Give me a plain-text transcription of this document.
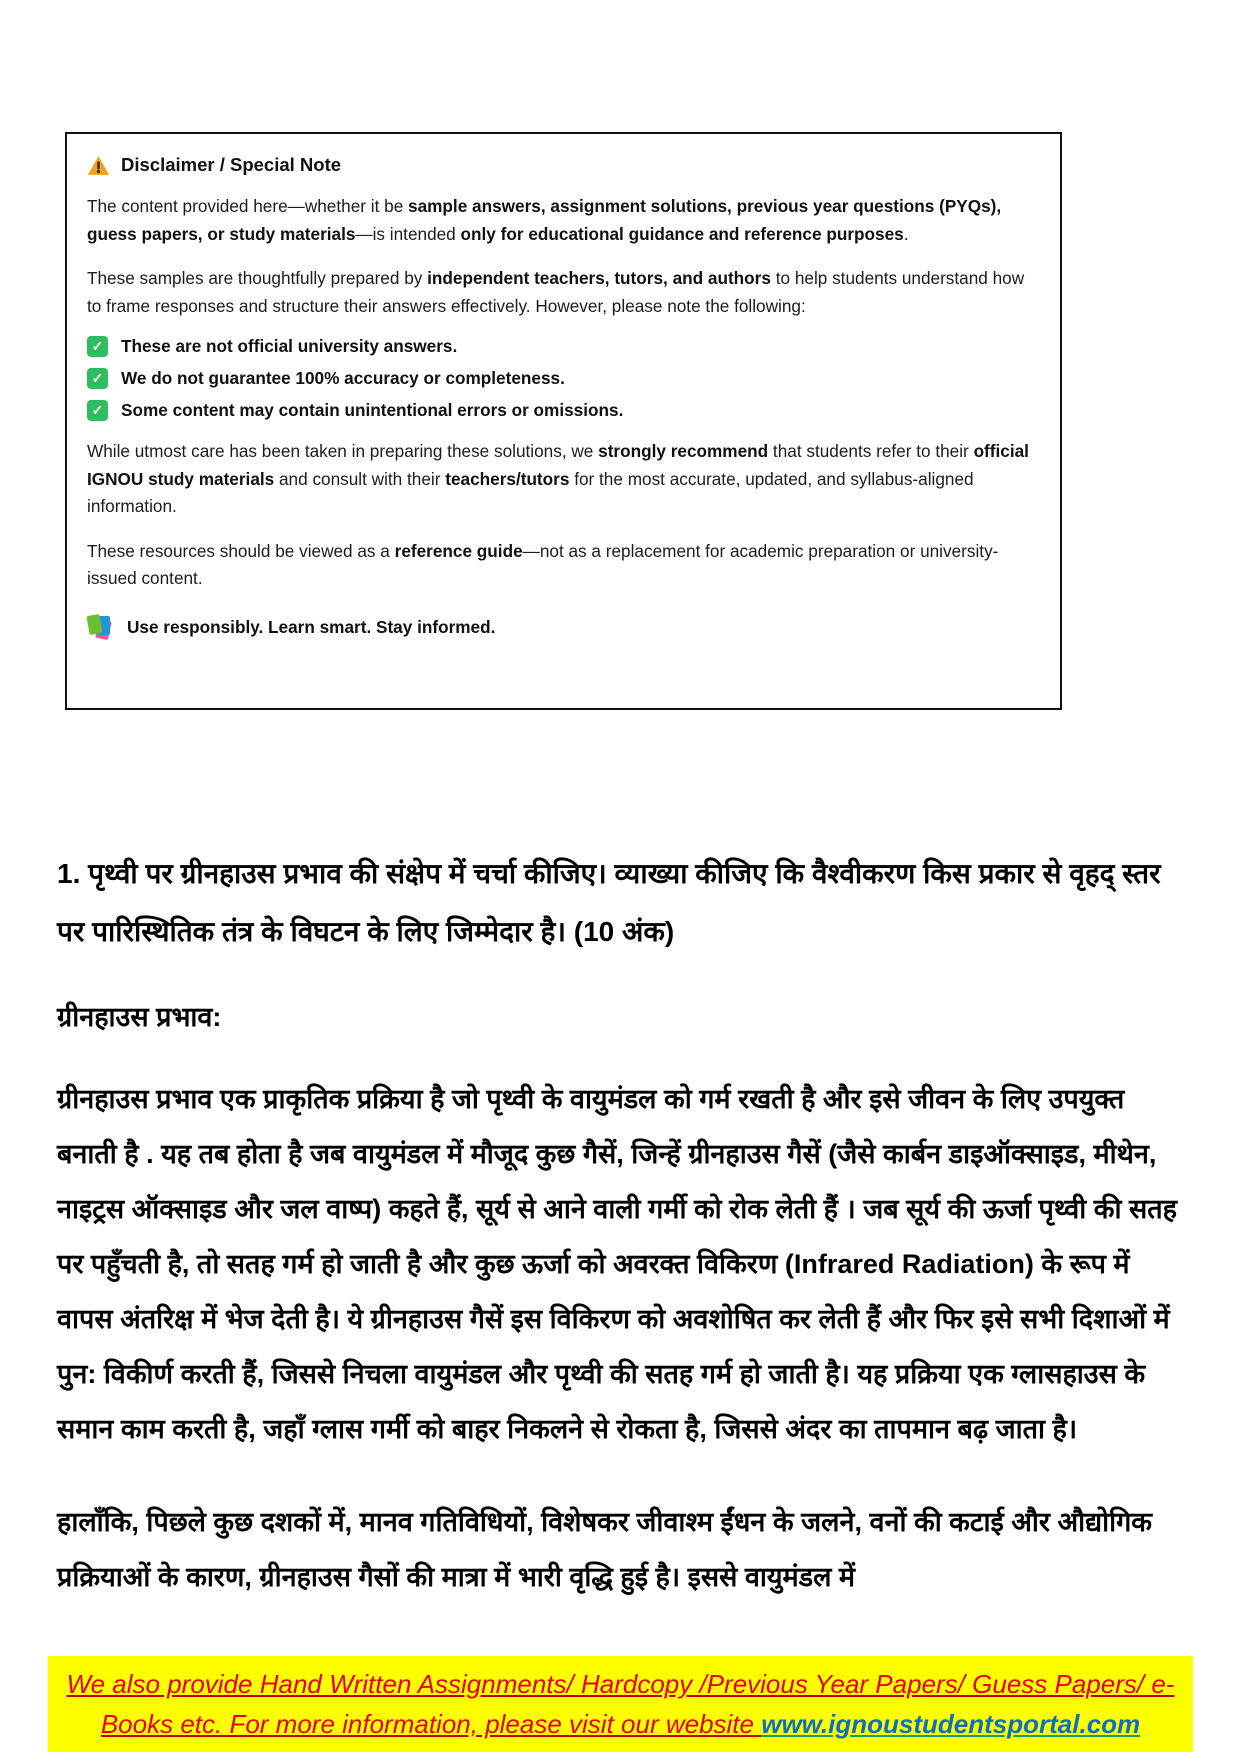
Disclaimer / Special Note

The content provided here—whether it be sample answers, assignment solutions, previous year questions (PYQs), guess papers, or study materials—is intended only for educational guidance and reference purposes.

These samples are thoughtfully prepared by independent teachers, tutors, and authors to help students understand how to frame responses and structure their answers effectively. However, please note the following:

✓ These are not official university answers.
✓ We do not guarantee 100% accuracy or completeness.
✓ Some content may contain unintentional errors or omissions.

While utmost care has been taken in preparing these solutions, we strongly recommend that students refer to their official IGNOU study materials and consult with their teachers/tutors for the most accurate, updated, and syllabus-aligned information.

These resources should be viewed as a reference guide—not as a replacement for academic preparation or university-issued content.

Use responsibly. Learn smart. Stay informed.
1. पृथ्वी पर ग्रीनहाउस प्रभाव की संक्षेप में चर्चा कीजिए। व्याख्या कीजिए कि वैश्वीकरण किस प्रकार से वृहद् स्तर पर पारिस्थितिक तंत्र के विघटन के लिए जिम्मेदार है। (10 अंक)
ग्रीनहाउस प्रभाव:

ग्रीनहाउस प्रभाव एक प्राकृतिक प्रक्रिया है जो पृथ्वी के वायुमंडल को गर्म रखती है और इसे जीवन के लिए उपयुक्त बनाती है . यह तब होता है जब वायुमंडल में मौजूद कुछ गैसें, जिन्हें ग्रीनहाउस गैसें (जैसे कार्बन डाइऑक्साइड, मीथेन, नाइट्रस ऑक्साइड और जल वाष्प) कहते हैं, सूर्य से आने वाली गर्मी को रोक लेती हैं । जब सूर्य की ऊर्जा पृथ्वी की सतह पर पहुँचती है, तो सतह गर्म हो जाती है और कुछ ऊर्जा को अवरक्त विकिरण (Infrared Radiation) के रूप में वापस अंतरिक्ष में भेज देती है। ये ग्रीनहाउस गैसें इस विकिरण को अवशोषित कर लेती हैं और फिर इसे सभी दिशाओं में पुन: विकीर्ण करती हैं, जिससे निचला वायुमंडल और पृथ्वी की सतह गर्म हो जाती है। यह प्रक्रिया एक ग्लासहाउस के समान काम करती है, जहाँ ग्लास गर्मी को बाहर निकलने से रोकता है, जिससे अंदर का तापमान बढ़ जाता है।

हालाँकि, पिछले कुछ दशकों में, मानव गतिविधियों, विशेषकर जीवाश्म ईंधन के जलने, वनों की कटाई और औद्योगिक प्रक्रियाओं के कारण, ग्रीनहाउस गैसों की मात्रा में भारी वृद्धि हुई है। इससे वायुमंडल में

We also provide Hand Written Assignments/ Hardcopy /Previous Year Papers/ Guess Papers/ e-Books etc. For more information, please visit our website www.ignoustudentsportal.com
